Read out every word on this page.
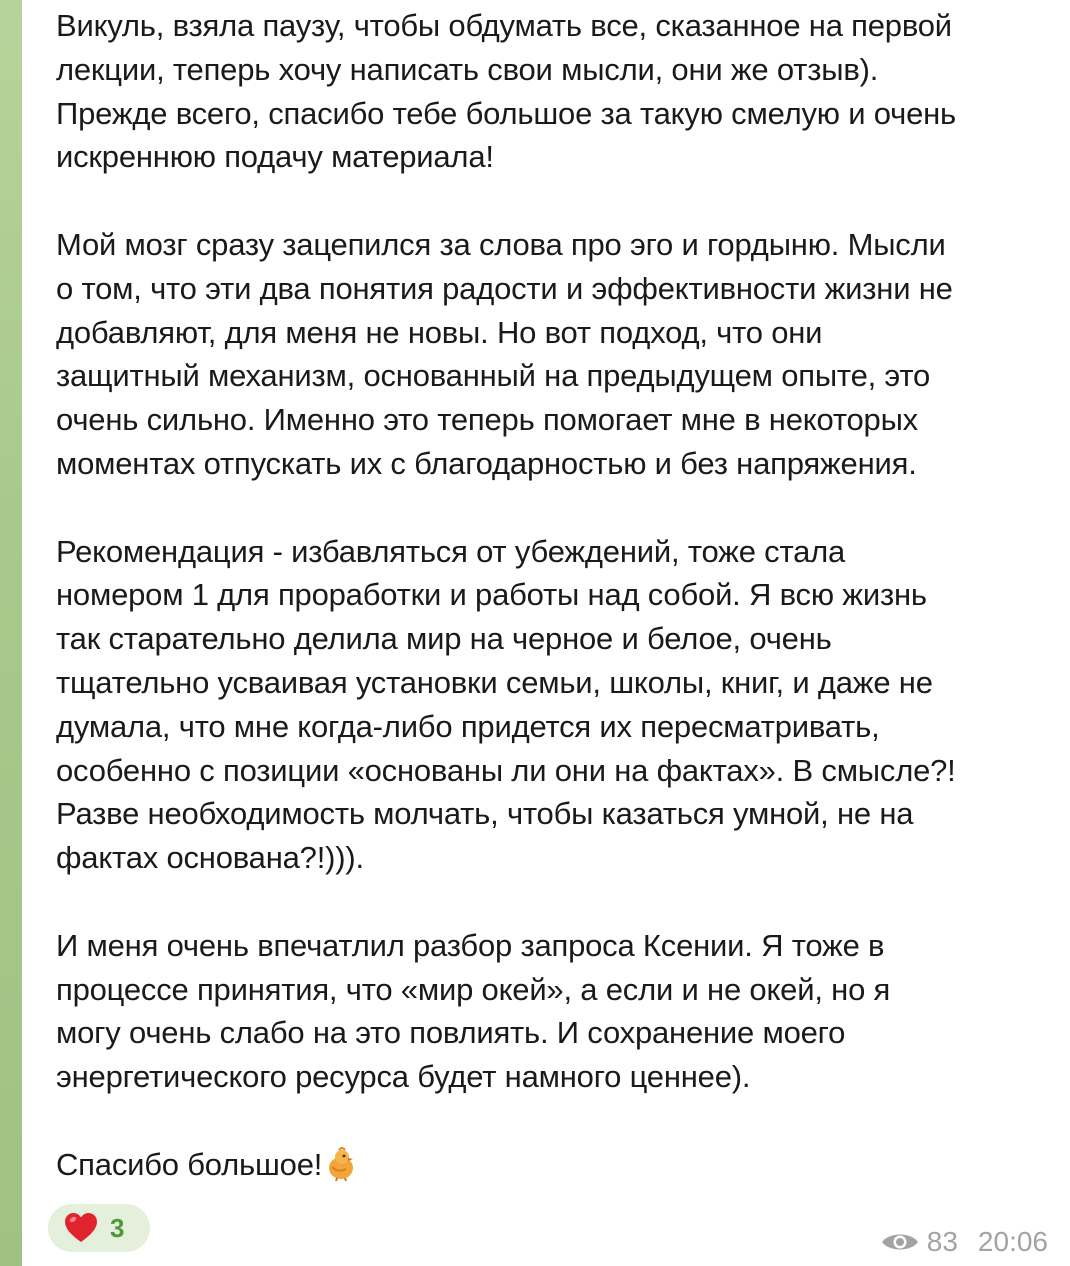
Викуль, взяла паузу, чтобы обдумать все, сказанное на первой
лекции, теперь хочу написать свои мысли, они же отзыв).
Прежде всего, спасибо тебе большое за такую смелую и очень
искреннюю подачу материала!

Мой мозг сразу зацепился за слова про эго и гордыню. Мысли
о том, что эти два понятия радости и эффективности жизни не
добавляют, для меня не новы. Но вот подход, что они
защитный механизм, основанный на предыдущем опыте, это
очень сильно. Именно это теперь помогает мне в некоторых
моментах отпускать их с благодарностью и без напряжения.

Рекомендация - избавляться от убеждений, тоже стала
номером 1 для проработки и работы над собой. Я всю жизнь
так старательно делила мир на черное и белое, очень
тщательно усваивая установки семьи, школы, книг, и даже не
думала, что мне когда-либо придется их пересматривать,
особенно с позиции «основаны ли они на фактах». В смысле?!
Разве необходимость молчать, чтобы казаться умной, не на
фактах основана?!))).

И меня очень впечатлил разбор запроса Ксении. Я тоже в
процессе принятия, что «мир окей», а если и не окей, но я
могу очень слабо на это повлиять. И сохранение моего
энергетического ресурса будет намного ценнее).

Спасибо большое!

3	83 20:06
